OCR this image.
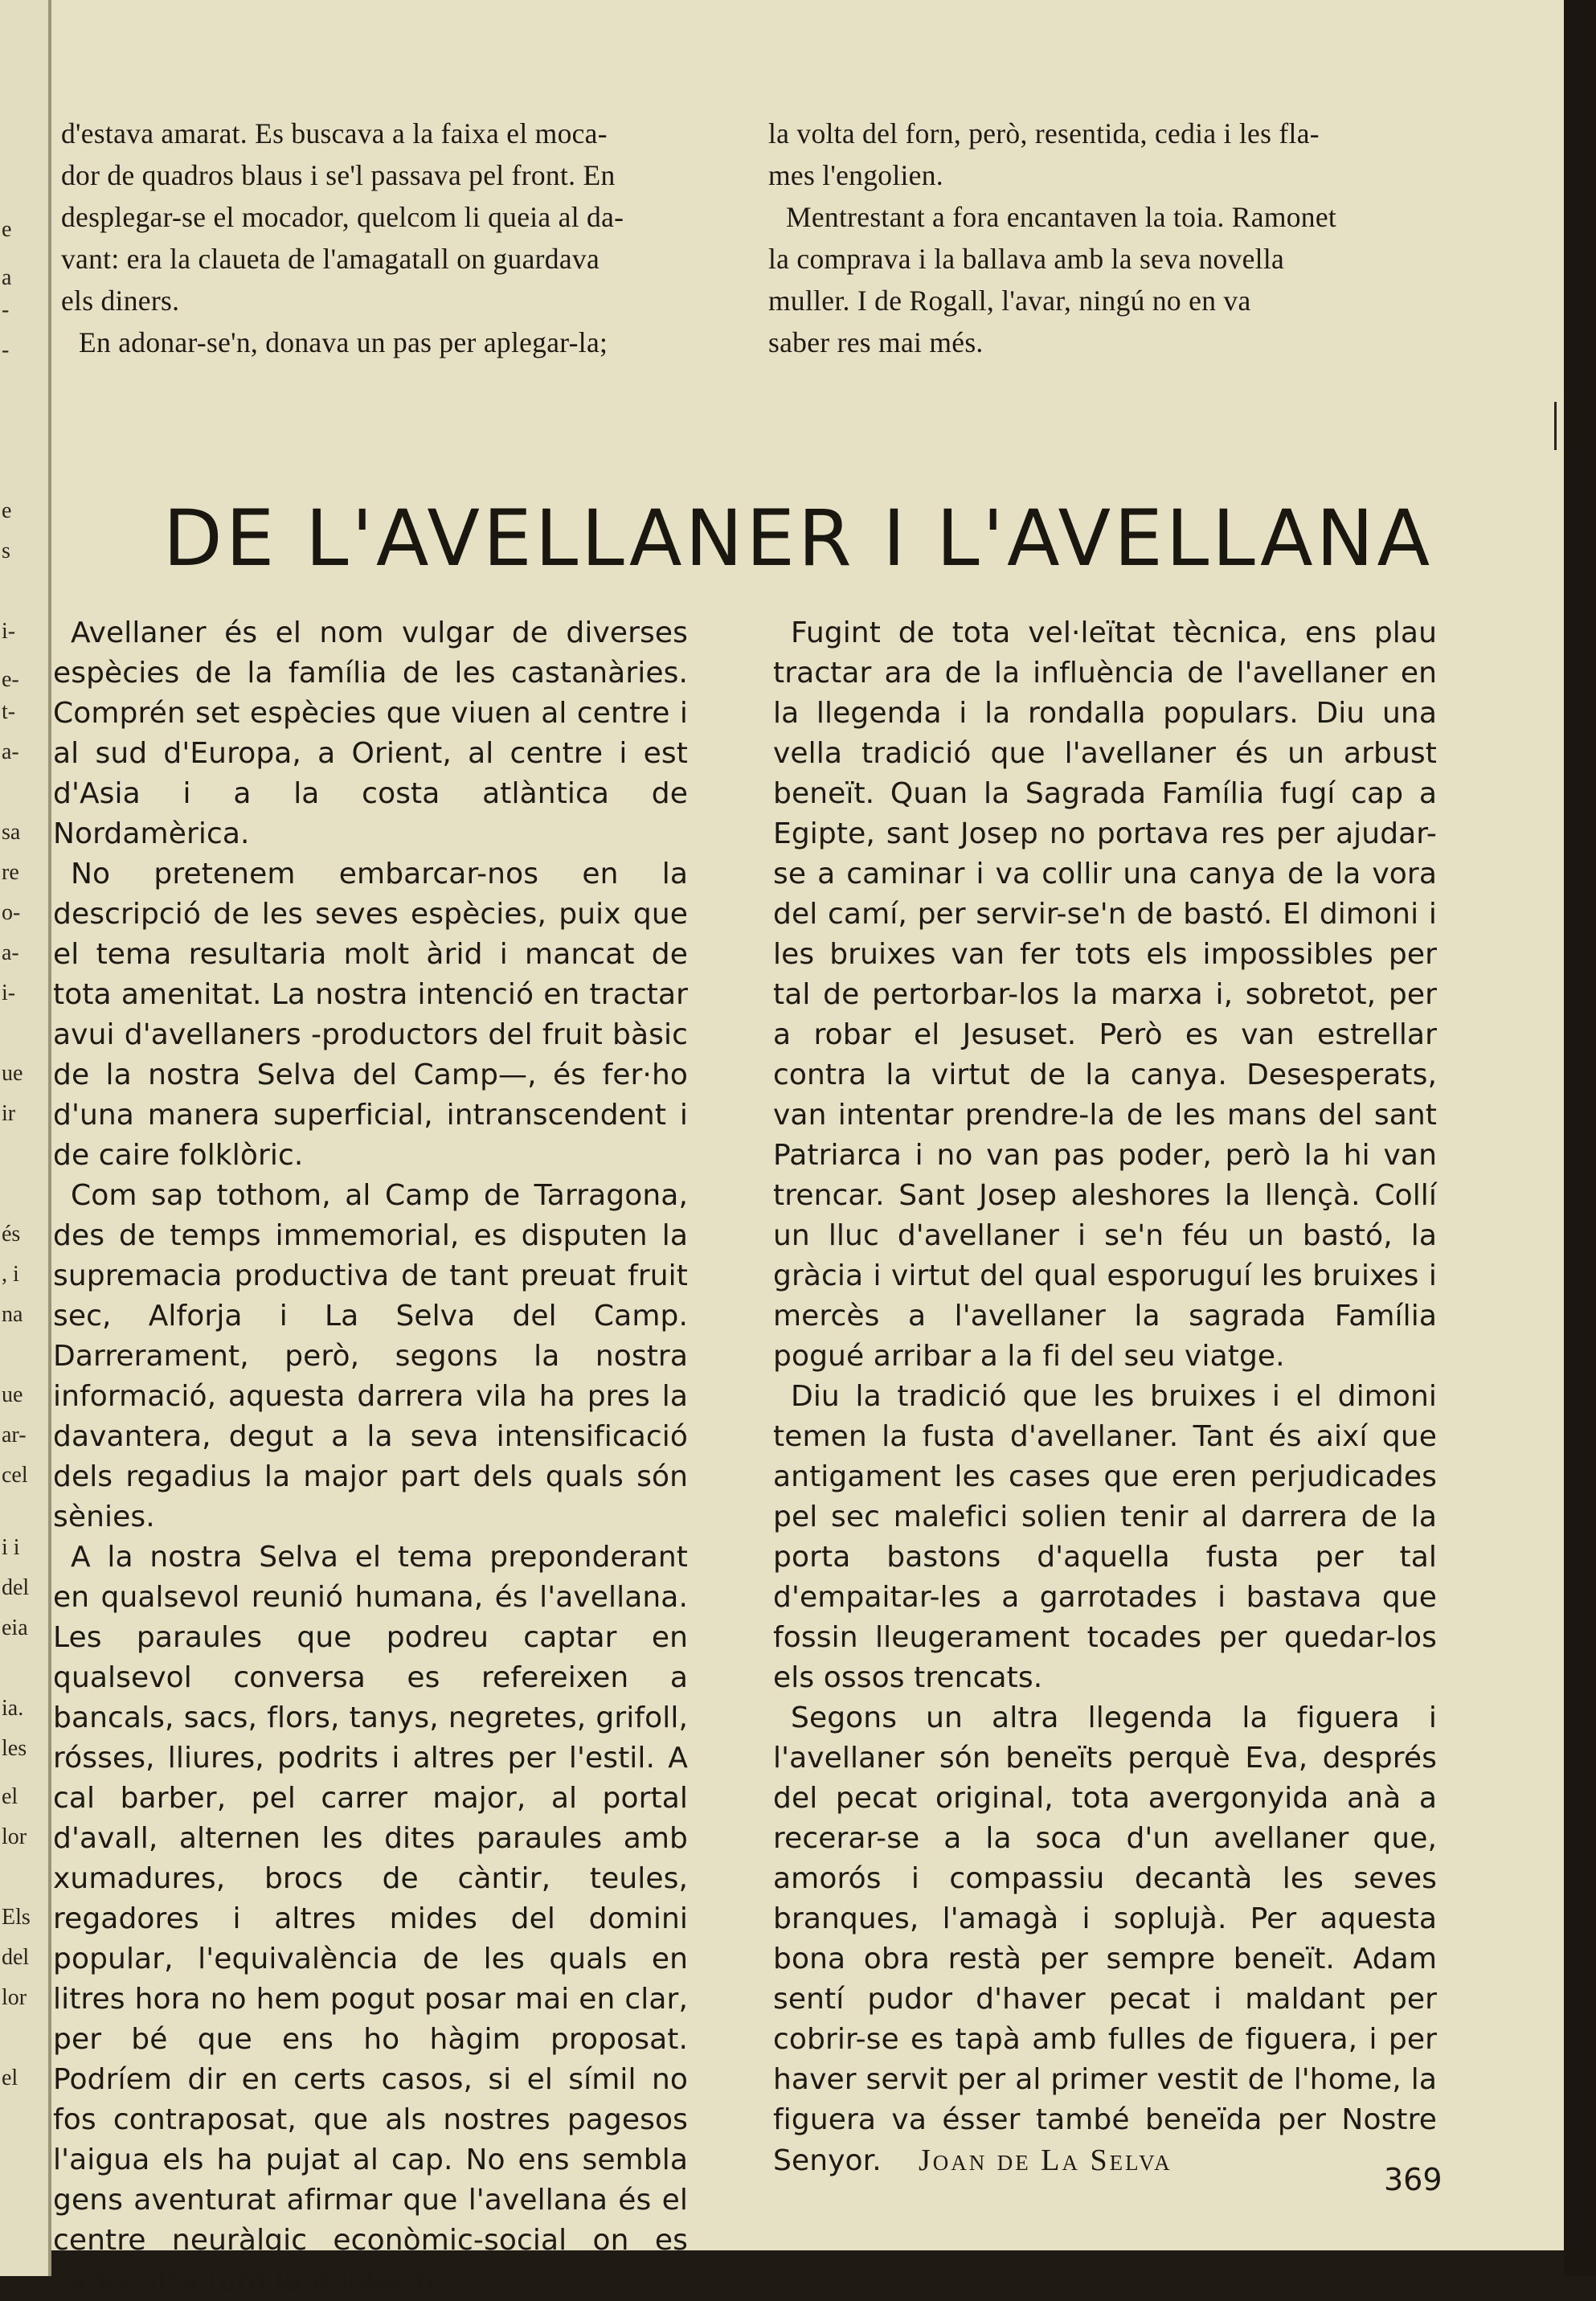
e
a
-
-
e
s
i-
e-
t-
a-
sa
re
o-
a-
i-
ue
ir
és
, i
na
ue
ar-
cel
i i
del
eia
ia.
les
el
lor
Els
del
lor
el

d'estava amarat. Es buscava a la faixa el moca-

dor de quadros blaus i se'l passava pel front. En

desplegar-se el mocador, quelcom li queia al da-

vant: era la claueta de l'amagatall on guardava

els diners.

En adonar-se'n, donava un pas per aplegar-la;

la volta del forn, però, resentida, cedia i les fla-

mes l'engolien.

Mentrestant a fora encantaven la toia. Ramonet

la comprava i la ballava amb la seva novella

muller. I de Rogall, l'avar, ningú no en va

saber res mai més.

DE L'AVELLANER I L'AVELLANA

Avellaner és el nom vulgar de diverses espècies de la família de les castanàries. Comprén set espècies que viuen al centre i al sud d'Europa, a Orient, al centre i est d'Asia i a la costa atlàntica de Nordamèrica.

No pretenem embarcar-nos en la descripció de les seves espècies, puix que el tema resultaria molt àrid i mancat de tota amenitat. La nostra intenció en tractar avui d'avellaners -productors del fruit bàsic de la nostra Selva del Camp—, és fer·ho d'una manera superficial, intranscendent i de caire folklòric.

Com sap tothom, al Camp de Tarragona, des de temps immemorial, es disputen la supremacia productiva de tant preuat fruit sec, Alforja i La Selva del Camp. Darrerament, però, segons la nostra informació, aquesta darrera vila ha pres la davantera, degut a la seva intensificació dels regadius la major part dels quals són sènies.

A la nostra Selva el tema preponderant en qualsevol reunió humana, és l'avellana. Les paraules que podreu captar en qualsevol conversa es refereixen a bancals, sacs, flors, tanys, negretes, grifoll, rósses, lliures, podrits i altres per l'estil. A cal barber, pel carrer major, al portal d'avall, alternen les dites paraules amb xumadures, brocs de càntir, teules, regadores i altres mides del domini popular, l'equivalència de les quals en litres hora no hem pogut posar mai en clar, per bé que ens ho hàgim proposat. Podríem dir en certs casos, si el símil no fos contraposat, que als nostres pagesos l'aigua els ha pujat al cap. No ens sembla gens aventurat afirmar que l'avellana és el centre neuràlgic econòmic-social on es concentra tota la població.

Fugint de tota vel·leïtat tècnica, ens plau tractar ara de la influència de l'avellaner en la llegenda i la rondalla populars. Diu una vella tradició que l'avellaner és un arbust beneït. Quan la Sagrada Família fugí cap a Egipte, sant Josep no portava res per ajudar-se a caminar i va collir una canya de la vora del camí, per servir-se'n de bastó. El dimoni i les bruixes van fer tots els impossibles per tal de pertorbar-los la marxa i, sobretot, per a robar el Jesuset. Però es van estrellar contra la virtut de la canya. Desesperats, van intentar prendre-la de les mans del sant Patriarca i no van pas poder, però la hi van trencar. Sant Josep aleshores la llençà. Collí un lluc d'avellaner i se'n féu un bastó, la gràcia i virtut del qual esporuguí les bruixes i mercès a l'avellaner la sagrada Família pogué arribar a la fi del seu viatge.

Diu la tradició que les bruixes i el dimoni temen la fusta d'avellaner. Tant és així que antigament les cases que eren perjudicades pel sec malefici solien tenir al darrera de la porta bastons d'aquella fusta per tal d'empaitar-les a garrotades i bastava que fossin lleugerament tocades per quedar-los els ossos trencats.

Segons un altra llegenda la figuera i l'avellaner són beneïts perquè Eva, després del pecat original, tota avergonyida anà a recerar-se a la soca d'un avellaner que, amorós i compassiu decantà les seves branques, l'amagà i soplujà. Per aquesta bona obra restà per sempre beneït. Adam sentí pudor d'haver pecat i maldant per cobrir-se es tapà amb fulles de figuera, i per haver servit per al primer vestit de l'home, la figuera va ésser també beneïda per Nostre Senyor. Joan de La Selva

369
